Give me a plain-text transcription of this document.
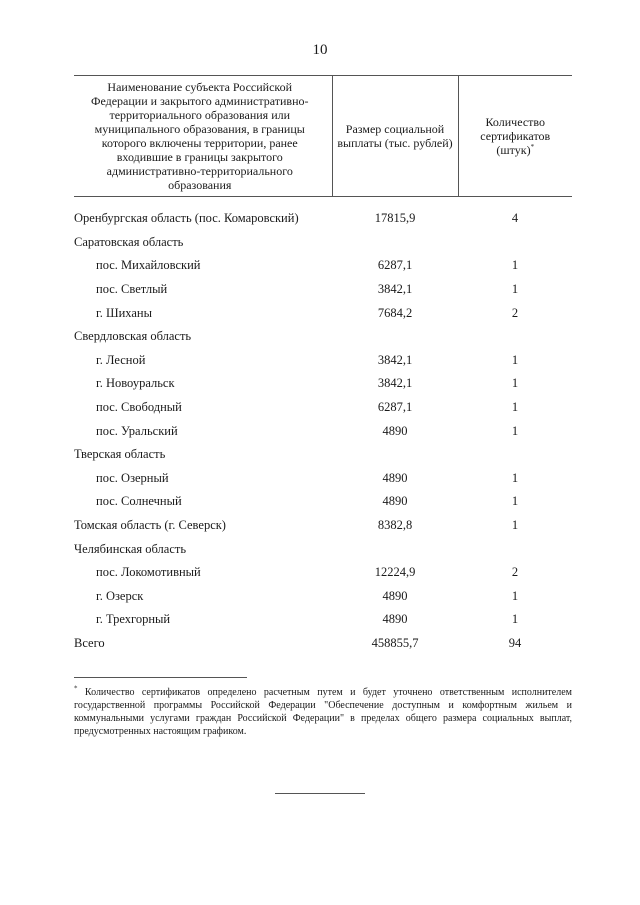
10
Наименование субъекта Российской Федерации и закрытого административно-территориального образования или муниципального образования, в границы которого включены территории, ранее входившие в границы закрытого административно-территориального образования	Размер социальной выплаты (тыс. рублей)	Количество сертификатов (штук)*

Оренбургская область (пос. Комаровский)	17815,9	4
Саратовская область		
пос. Михайловский	6287,1	1
пос. Светлый	3842,1	1
г. Шиханы	7684,2	2
Свердловская область		
г. Лесной	3842,1	1
г. Новоуральск	3842,1	1
пос. Свободный	6287,1	1
пос. Уральский	4890	1
Тверская область		
пос. Озерный	4890	1
пос. Солнечный	4890	1
Томская область (г. Северск)	8382,8	1
Челябинская область		
пос. Локомотивный	12224,9	2
г. Озерск	4890	1
г. Трехгорный	4890	1
Всего	458855,7	94
* Количество сертификатов определено расчетным путем и будет уточнено ответственным исполнителем государственной программы Российской Федерации "Обеспечение доступным и комфортным жильем и коммунальными услугами граждан Российской Федерации" в пределах общего размера социальных выплат, предусмотренных настоящим графиком.
